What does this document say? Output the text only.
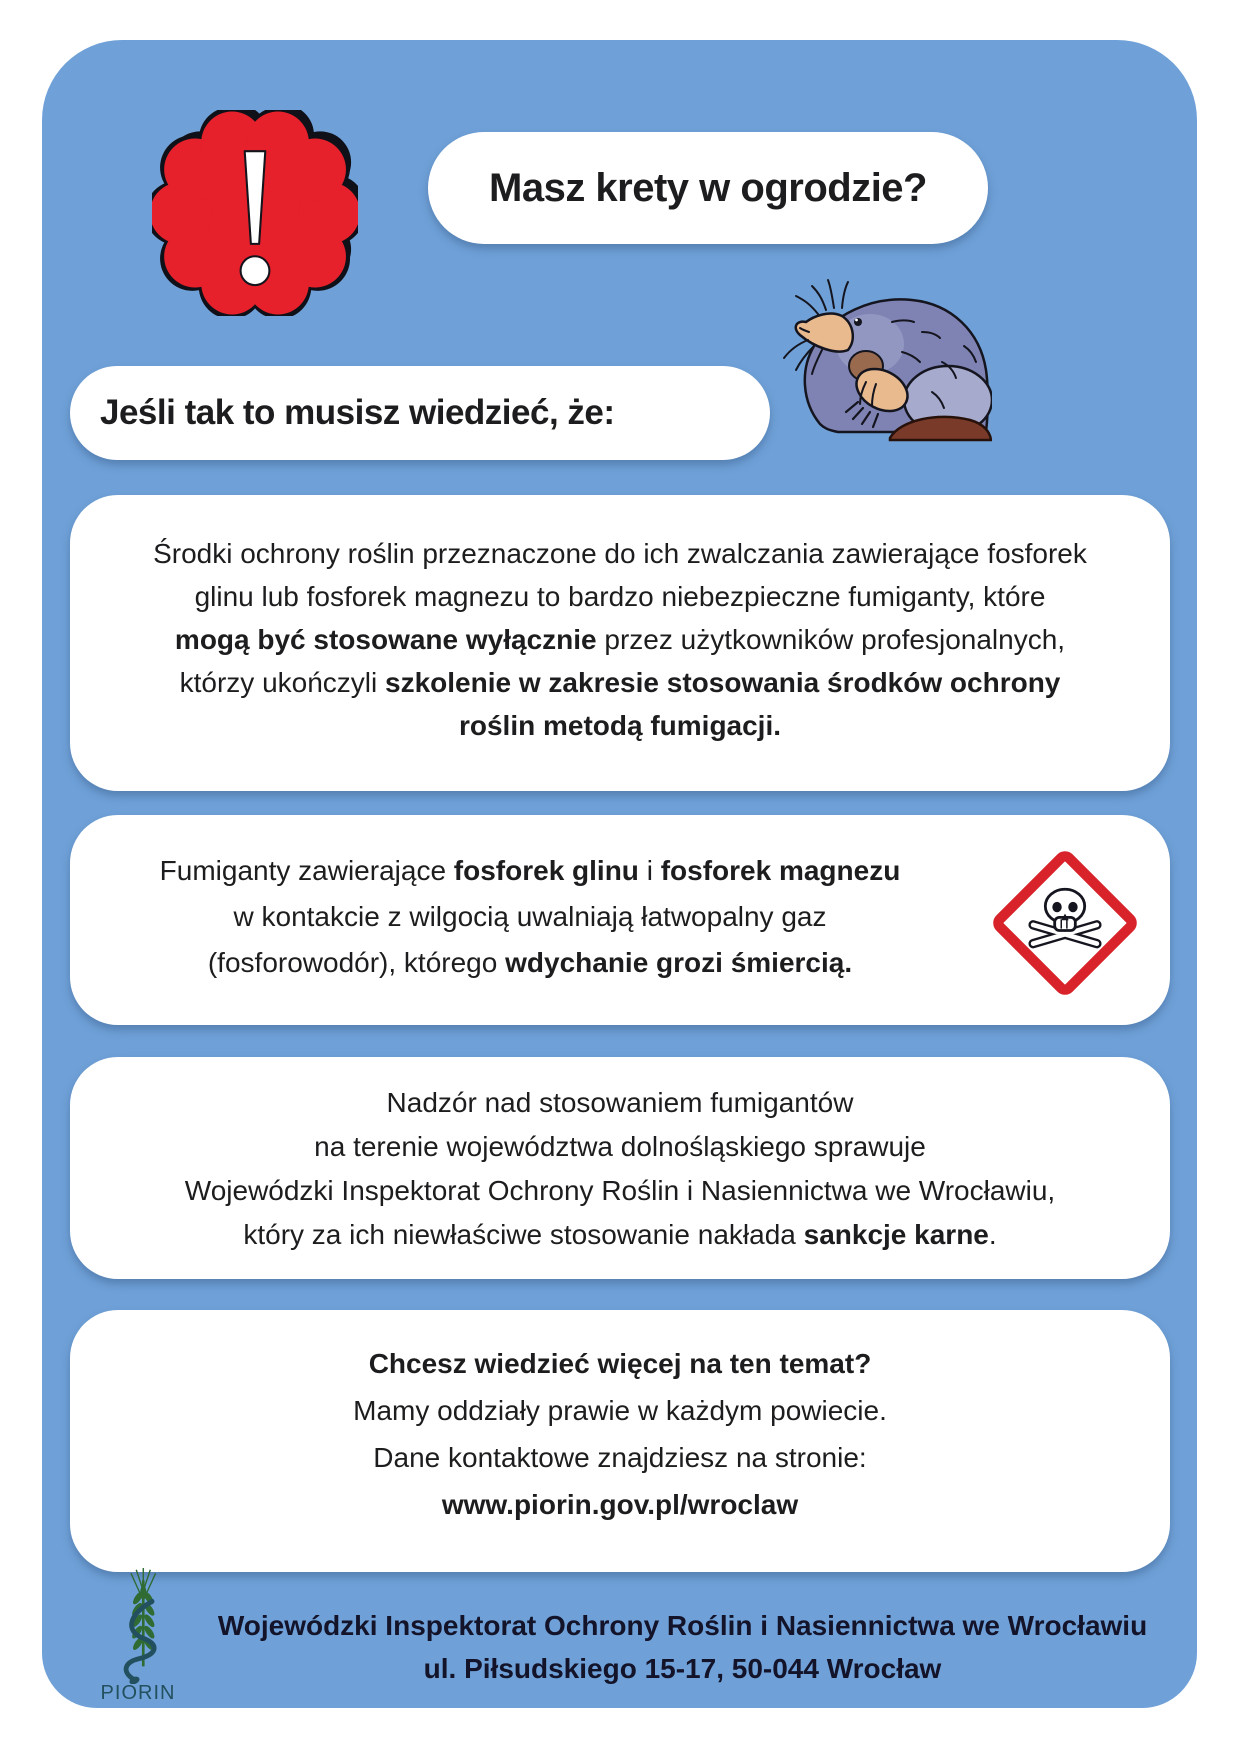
Masz krety w ogrodzie?
Jeśli tak to musisz wiedzieć, że:
Środki ochrony roślin przeznaczone do ich zwalczania zawierające fosforek
glinu lub fosforek magnezu to bardzo niebezpieczne fumiganty, które
mogą być stosowane wyłącznie przez użytkowników profesjonalnych,
którzy ukończyli szkolenie w zakresie stosowania środków ochrony
roślin metodą fumigacji.
Fumiganty zawierające fosforek glinu i fosforek magnezu
w kontakcie z wilgocią uwalniają łatwopalny gaz
(fosforowodór), którego wdychanie grozi śmiercią.
Nadzór nad stosowaniem fumigantów
na terenie województwa dolnośląskiego sprawuje
Wojewódzki Inspektorat Ochrony Roślin i Nasiennictwa we Wrocławiu,
który za ich niewłaściwe stosowanie nakłada sankcje karne.
Chcesz wiedzieć więcej na ten temat?
Mamy oddziały prawie w każdym powiecie.
Dane kontaktowe znajdziesz na stronie:
www.piorin.gov.pl/wroclaw
PIORIN
Wojewódzki Inspektorat Ochrony Roślin i Nasiennictwa we Wrocławiu
ul. Piłsudskiego 15-17, 50-044 Wrocław
